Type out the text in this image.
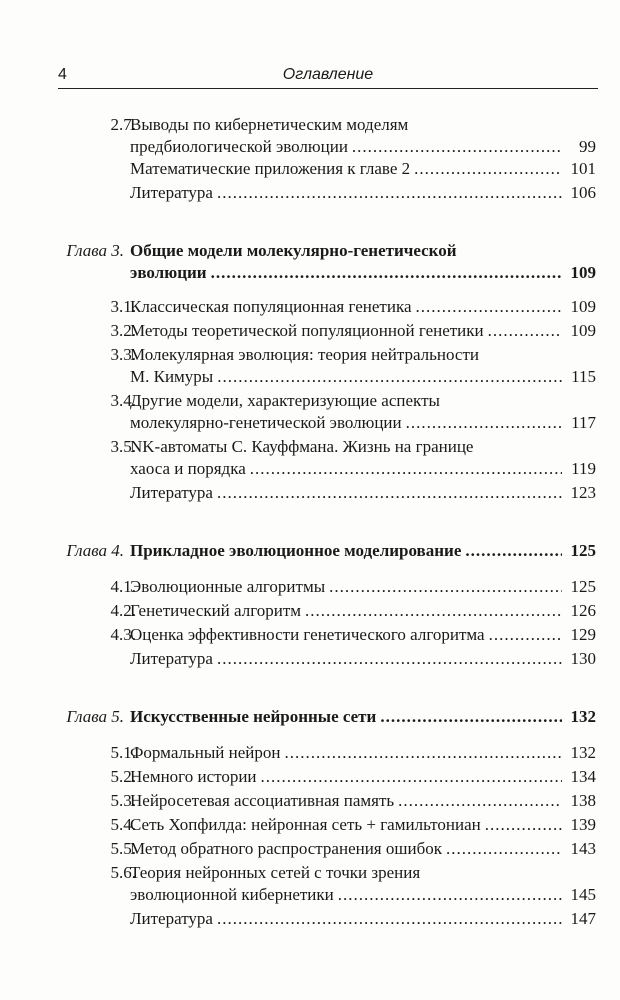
4	Оглавление
2.7.
Выводы по кибернетическим моделям
предбиологической эволюции .....	99
Математические приложения к главе 2 .....	101
Литература .....	106
Глава 3. Общие модели молекулярно-генетической
эволюции .....	109
3.1.
Классическая популяционная генетика .....	109
3.2.
Методы теоретической популяционной генетики .....	109
3.3.
Молекулярная эволюция: теория нейтральности
М. Кимуры .....	115
3.4.
Другие модели, характеризующие аспекты
молекулярно-генетической эволюции .....	117
3.5.
NK-автоматы С. Кауффмана. Жизнь на границе
хаоса и порядка .....	119
Литература .....	123
Глава 4. Прикладное эволюционное моделирование .....	125
4.1.
Эволюционные алгоритмы .....	125
4.2.
Генетический алгоритм .....	126
4.3.
Оценка эффективности генетического алгоритма .....	129
Литература .....	130
Глава 5. Искусственные нейронные сети .....	132
5.1.
Формальный нейрон .....	132
5.2.
Немного истории .....	134
5.3.
Нейросетевая ассоциативная память .....	138
5.4.
Сеть Хопфилда: нейронная сеть + гамильтониан .....	139
5.5.
Метод обратного распространения ошибок .....	143
5.6.
Теория нейронных сетей с точки зрения
эволюционной кибернетики .....	145
Литература .....	147
